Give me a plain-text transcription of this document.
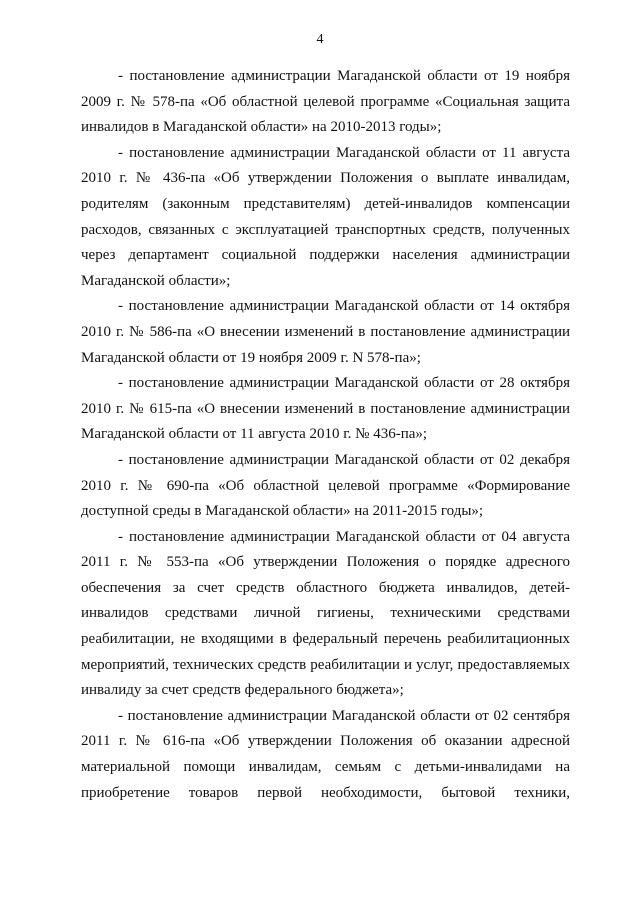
4

- постановление администрации Магаданской области от 19 ноября 2009 г. № 578-па «Об областной целевой программе «Социальная защита инвалидов в Магаданской области» на 2010-2013 годы»;

- постановление администрации Магаданской области от 11 августа 2010 г. № 436-па «Об утверждении Положения о выплате инвалидам, родителям (законным представителям) детей-инвалидов компенсации расходов, связанных с эксплуатацией транспортных средств, полученных через департамент социальной поддержки населения администрации Магаданской области»;

- постановление администрации Магаданской области от 14 октября 2010 г. № 586-па «О внесении изменений в постановление администрации Магаданской области от 19 ноября 2009 г. N 578-па»;

- постановление администрации Магаданской области от 28 октября 2010 г. № 615-па «О внесении изменений в постановление администрации Магаданской области от 11 августа 2010 г. № 436-па»;

- постановление администрации Магаданской области от 02 декабря 2010 г. № 690-па «Об областной целевой программе «Формирование доступной среды в Магаданской области» на 2011-2015 годы»;

- постановление администрации Магаданской области от 04 августа 2011 г. № 553-па «Об утверждении Положения о порядке адресного обеспечения за счет средств областного бюджета инвалидов, детей-инвалидов средствами личной гигиены, техническими средствами реабилитации, не входящими в федеральный перечень реабилитационных мероприятий, технических средств реабилитации и услуг, предоставляемых инвалиду за счет средств федерального бюджета»;

- постановление администрации Магаданской области от 02 сентября 2011 г. № 616-па «Об утверждении Положения об оказании адресной материальной помощи инвалидам, семьям с детьми-инвалидами на приобретение товаров первой необходимости, бытовой техники,
